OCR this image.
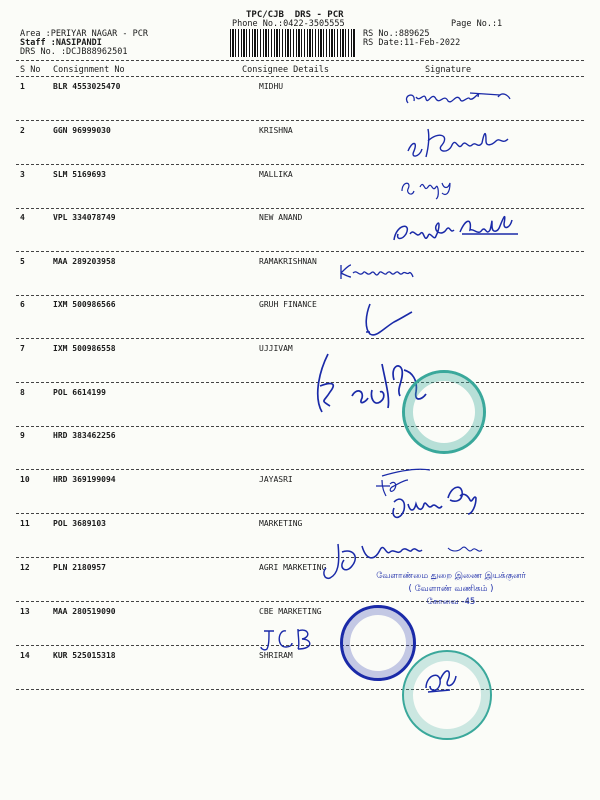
TPC/CJB  DRS - PCR
Phone No.:0422-3505555	Page No.:1
Area :PERIYAR NAGAR - PCR
Staff :NASIPANDI
DRS No. :DCJB88962501
RS No.:889625
RS Date:11-Feb-2022
S No Consignment No	Consignee Details	Signature
1	BLR 4553025470	MIDHU
2	GGN 96999030	KRISHNA
3	SLM 5169693	MALLIKA
4	VPL 334078749	NEW ANAND
5	MAA 289203958	RAMAKRISHNAN
6	IXM 500986566	GRUH FINANCE
7	IXM 500986558	UJJIVAM
8	POL 6614199
9	HRD 383462256
10	HRD 369199094	JAYASRI
11	POL 3689103	MARKETING
12	PLN 2180957	AGRI MARKETING
13	MAA 280519090	CBE MARKETING
14	KUR 525015318	SHRIRAM
வேளாண்மை துறை இணை இயக்குனர்
( வேளாண் வணிகம் )
கோவை -45
